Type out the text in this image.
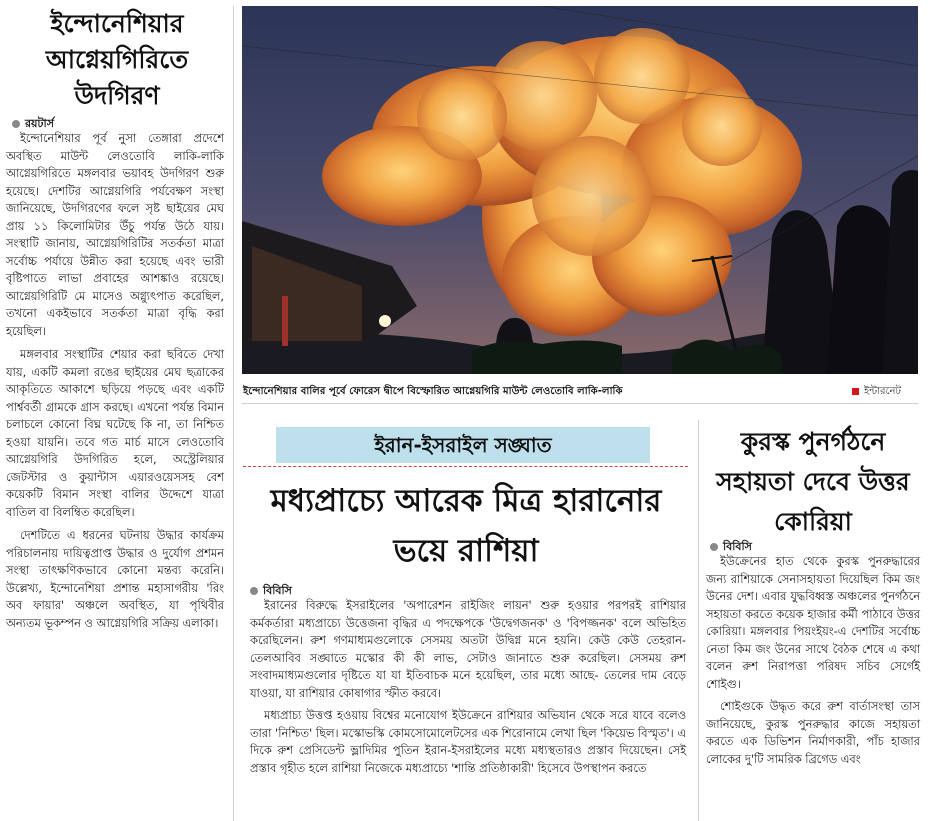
ইন্দোনেশিয়ার আগ্নেয়গিরিতে উদগিরণ
রয়টার্স

ইন্দোনেশিয়ার পূর্ব নুসা তেঙ্গারা প্রদেশে অবস্থিত মাউন্ট লেওতোবি লাকি-লাকি আগ্নেয়গিরিতে মঙ্গলবার ভয়াবহ উদগিরণ শুরু হয়েছে। দেশটির আগ্নেয়গিরি পর্যবেক্ষণ সংস্থা জানিয়েছে, উদগিরণের ফলে সৃষ্ট ছাইয়ের মেঘ প্রায় ১১ কিলোমিটার উঁচু পর্যন্ত উঠে যায়। সংস্থাটি জানায়, আগ্নেয়গিরিটির সতর্কতা মাত্রা সর্বোচ্চ পর্যায়ে উন্নীত করা হয়েছে এবং ভারী বৃষ্টিপাতে লাভা প্রবাহের আশঙ্কাও রয়েছে। আগ্নেয়গিরিটি মে মাসেও অগ্ন্যুৎপাত করেছিল, তখনো একইভাবে সতর্কতা মাত্রা বৃদ্ধি করা হয়েছিল।

মঙ্গলবার সংস্থাটির শেয়ার করা ছবিতে দেখা যায়, একটি কমলা রঙের ছাইয়ের মেঘ ছত্রাকের আকৃতিতে আকাশে ছড়িয়ে পড়ছে এবং একটি পার্শ্ববর্তী গ্রামকে গ্রাস করছে। এখনো পর্যন্ত বিমান চলাচলে কোনো বিঘ্ন ঘটেছে কি না, তা নিশ্চিত হওয়া যায়নি। তবে গত মার্চ মাসে লেওতোবি আগ্নেয়গিরি উদগিরিত হলে, অস্ট্রেলিয়ার জেটস্টার ও কুয়ান্টাস এয়ারওয়েসসহ বেশ কয়েকটি বিমান সংস্থা বালির উদ্দেশে যাত্রা বাতিল বা বিলম্বিত করেছিল।

দেশটিতে এ ধরনের ঘটনায় উদ্ধার কার্যক্রম পরিচালনায় দায়িত্বপ্রাপ্ত উদ্ধার ও দুর্যোগ প্রশমন সংস্থা তাৎক্ষণিকভাবে কোনো মন্তব্য করেনি। উল্লেখ্য, ইন্দোনেশিয়া প্রশান্ত মহাসাগরীয় 'রিং অব ফায়ার' অঞ্চলে অবস্থিত, যা পৃথিবীর অন্যতম ভূকম্পন ও আগ্নেয়গিরি সক্রিয় এলাকা।

ইন্দোনেশিয়ার বালির পূর্বে ফোরেস দ্বীপে বিস্ফোরিত আগ্নেয়গিরি মাউন্ট লেওতোবি লাকি-লাকি	ইন্টারনেট
ইরান-ইসরাইল সঙ্ঘাত
মধ্যপ্রাচ্যে আরেক মিত্র হারানোর ভয়ে রাশিয়া
বিবিসি

ইরানের বিরুদ্ধে ইসরাইলের 'অপারেশন রাইজিং লায়ন' শুরু হওয়ার পরপরই রাশিয়ার কর্মকর্তারা মধ্যপ্রাচ্যে উত্তেজনা বৃদ্ধির এ পদক্ষেপকে 'উদ্বেগজনক' ও 'বিপজ্জনক' বলে অভিহিত করেছিলেন। রুশ গণমাধ্যমগুলোকে সেসময় অতটা উদ্বিগ্ন মনে হয়নি। কেউ কেউ তেহরান-তেলআবিব সঙ্ঘাতে মস্কোর কী কী লাভ, সেটাও জানাতে শুরু করেছিল। সেসময় রুশ সংবাদমাধ্যমগুলোর দৃষ্টিতে যা যা ইতিবাচক মনে হয়েছিল, তার মধ্যে আছে- তেলের দাম বেড়ে যাওয়া, যা রাশিয়ার কোষাগার স্ফীত করবে।

মধ্যপ্রাচ্য উত্তপ্ত হওয়ায় বিশ্বের মনোযোগ ইউক্রেনে রাশিয়ার অভিযান থেকে সরে যাবে বলেও তারা 'নিশ্চিত' ছিল। মস্কোভস্কি কোমসোমোলেটসের এক শিরোনামে লেখা ছিল 'কিয়েভ বিস্মৃত'। এ দিকে রুশ প্রেসিডেন্ট ভ্লাদিমির পুতিন ইরান-ইসরাইলের মধ্যে মধ্যস্থতারও প্রস্তাব দিয়েছেন। সেই প্রস্তাব গৃহীত হলে রাশিয়া নিজেকে মধ্যপ্রাচ্যে 'শান্তি প্রতিষ্ঠাকারী' হিসেবে উপস্থাপন করতে

কুরস্ক পুনর্গঠনে সহায়তা দেবে উত্তর কোরিয়া
বিবিসি

ইউক্রেনের হাত থেকে কুরস্ক পুনরুদ্ধারের জন্য রাশিয়াকে সেনাসহায়তা দিয়েছিল কিম জং উনের দেশ। এবার যুদ্ধবিধ্বস্ত অঞ্চলের পুনর্গঠনে সহায়তা করতে কয়েক হাজার কর্মী পাঠাবে উত্তর কোরিয়া। মঙ্গলবার পিয়ংইয়ং-এ দেশটির সর্বোচ্চ নেতা কিম জং উনের সাথে বৈঠক শেষে এ কথা বলেন রুশ নিরাপত্তা পরিষদ সচিব সের্গেই শোইগু।

শোইগুকে উদ্ধৃত করে রুশ বার্তাসংস্থা তাস জানিয়েছে, কুরস্ক পুনরুদ্ধার কাজে সহায়তা করতে এক ডিভিশন নির্মাণকারী, পাঁচ হাজার লোকের দু'টি সামরিক ব্রিগেড এবং
